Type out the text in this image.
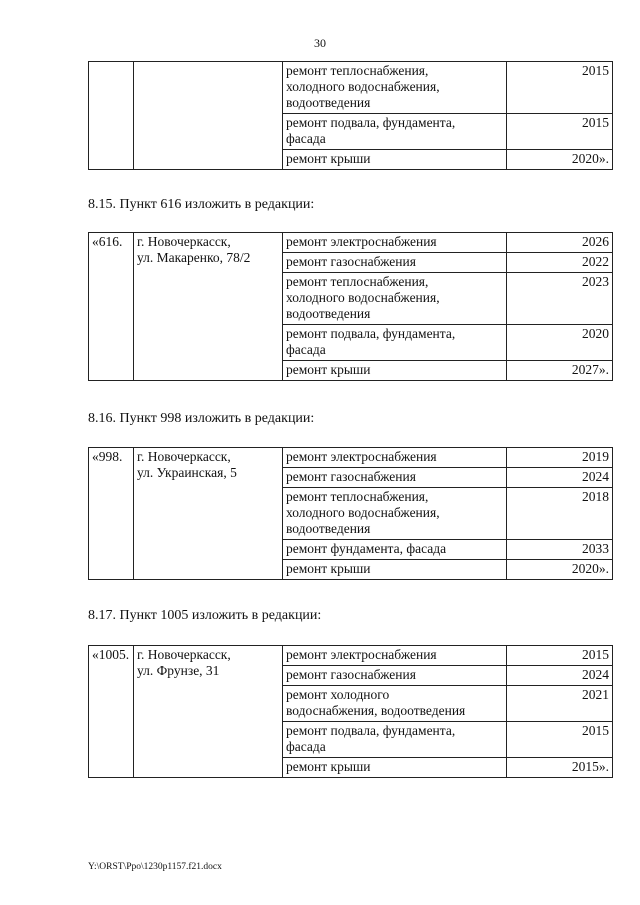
30

		ремонт теплоснабжения,
холодного водоснабжения,
водоотведения	2015

		ремонт подвала, фундамента,
фасада	2015

		ремонт крыши	2020».
8.15. Пункт 616 изложить в редакции:
«616.	г. Новочеркасск,
ул. Макаренко, 78/2	ремонт электроснабжения	2026

		ремонт газоснабжения	2022

		ремонт теплоснабжения,
холодного водоснабжения,
водоотведения	2023

		ремонт подвала, фундамента,
фасада	2020

		ремонт крыши	2027».
8.16. Пункт 998 изложить в редакции:
«998.	г. Новочеркасск,
ул. Украинская, 5	ремонт электроснабжения	2019

		ремонт газоснабжения	2024

		ремонт теплоснабжения,
холодного водоснабжения,
водоотведения	2018

		ремонт фундамента, фасада	2033

		ремонт крыши	2020».
8.17. Пункт 1005 изложить в редакции:
«1005.	г. Новочеркасск,
ул. Фрунзе, 31	ремонт электроснабжения	2015

		ремонт газоснабжения	2024

		ремонт холодного
водоснабжения, водоотведения	2021

		ремонт подвала, фундамента,
фасада	2015

		ремонт крыши	2015».
Y:\ORST\Ppo\1230p1157.f21.docx
